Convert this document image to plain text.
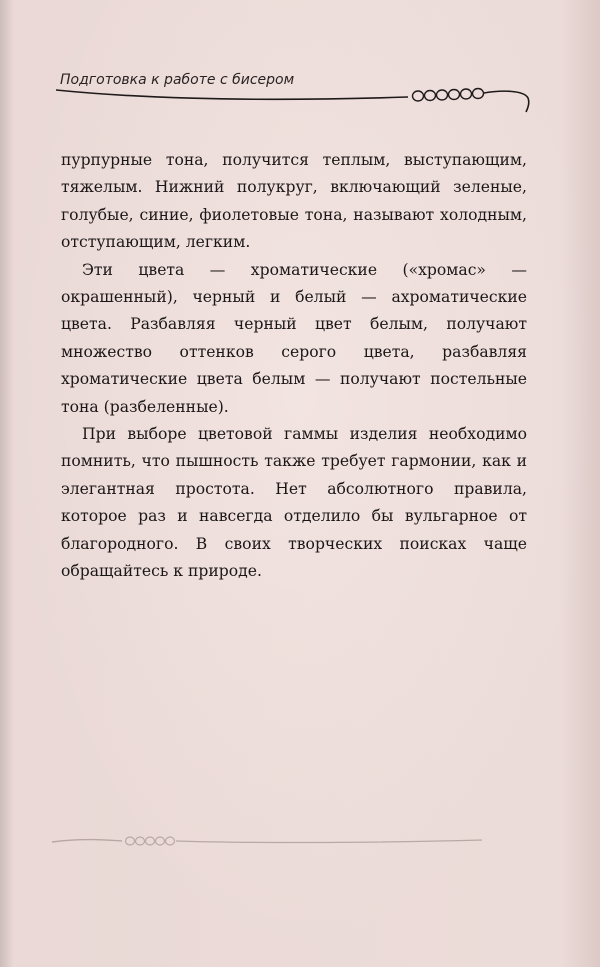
Подготовка к работе с бисером

пурпурные тона, получится теплым, выступающим, тяжелым. Нижний полукруг, включающий зеленые, голубые, синие, фиолетовые тона, называют холодным, отступающим, легким.

Эти цвета — хроматические («хромас» — окрашенный), черный и белый — ахроматические цвета. Разбавляя черный цвет белым, получают множество оттенков серого цвета, разбавляя хроматические цвета белым — получают постельные тона (разбеленные).

При выборе цветовой гаммы изделия необходимо помнить, что пышность также требует гармонии, как и элегантная простота. Нет абсолютного правила, которое раз и навсегда отделило бы вульгарное от благородного. В своих творческих поисках чаще обращайтесь к природе.
